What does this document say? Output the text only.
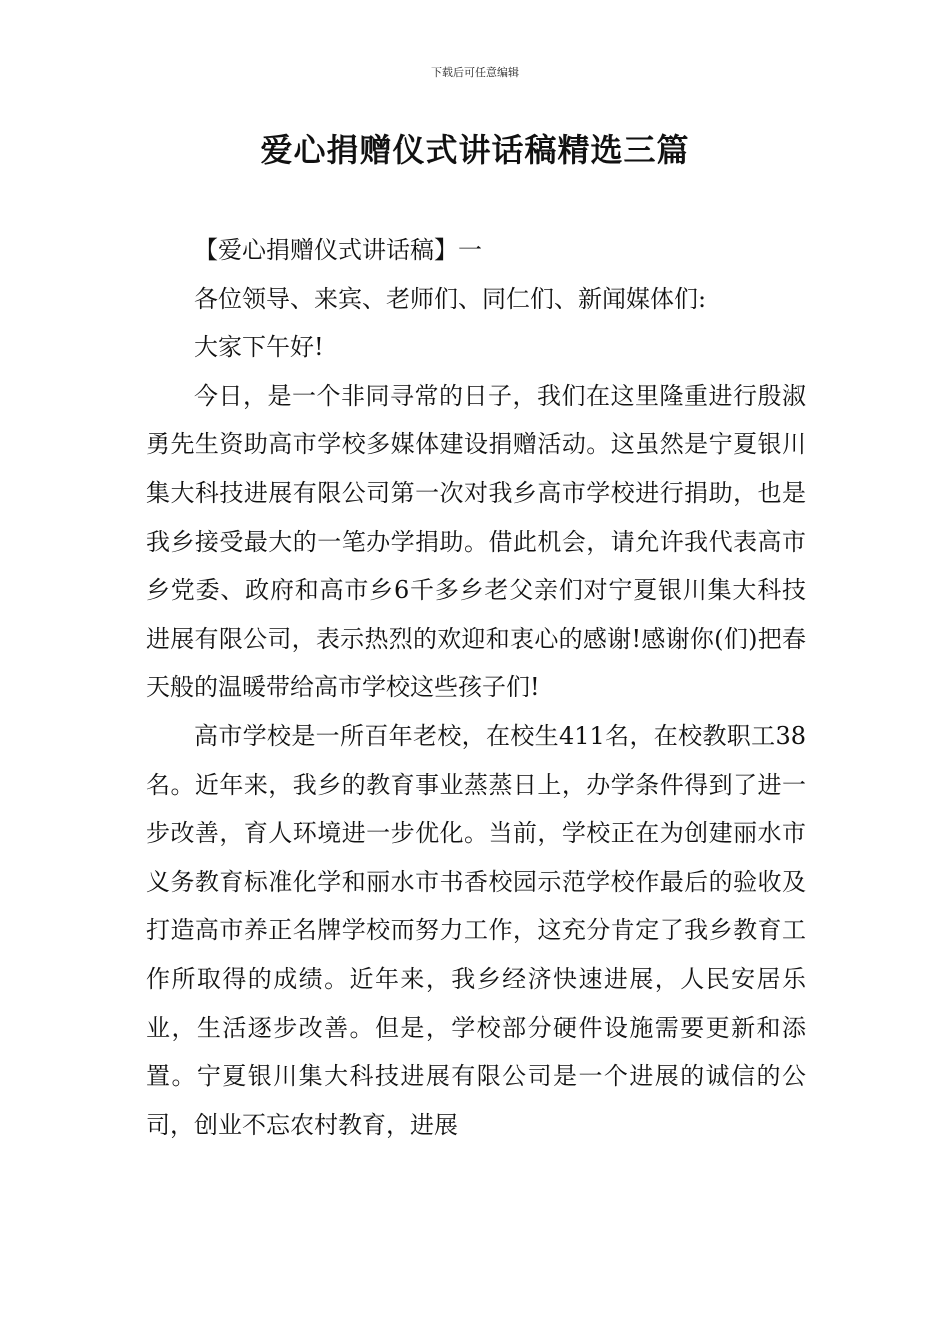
下载后可任意编辑
爱心捐赠仪式讲话稿精选三篇

【爱心捐赠仪式讲话稿】一

各位领导、来宾、老师们、同仁们、新闻媒体们:

大家下午好!

今日，是一个非同寻常的日子，我们在这里隆重进行殷淑勇先生资助高市学校多媒体建设捐赠活动。这虽然是宁夏银川集大科技进展有限公司第一次对我乡高市学校进行捐助，也是我乡接受最大的一笔办学捐助。借此机会，请允许我代表高市乡党委、政府和高市乡6千多乡老父亲们对宁夏银川集大科技进展有限公司，表示热烈的欢迎和衷心的感谢!感谢你(们)把春天般的温暖带给高市学校这些孩子们!

高市学校是一所百年老校，在校生411名，在校教职工38名。近年来，我乡的教育事业蒸蒸日上，办学条件得到了进一步改善，育人环境进一步优化。当前，学校正在为创建丽水市义务教育标准化学和丽水市书香校园示范学校作最后的验收及打造高市养正名牌学校而努力工作，这充分肯定了我乡教育工作所取得的成绩。近年来，我乡经济快速进展，人民安居乐业，生活逐步改善。但是，学校部分硬件设施需要更新和添置。宁夏银川集大科技进展有限公司是一个进展的诚信的公司，创业不忘农村教育，进展
